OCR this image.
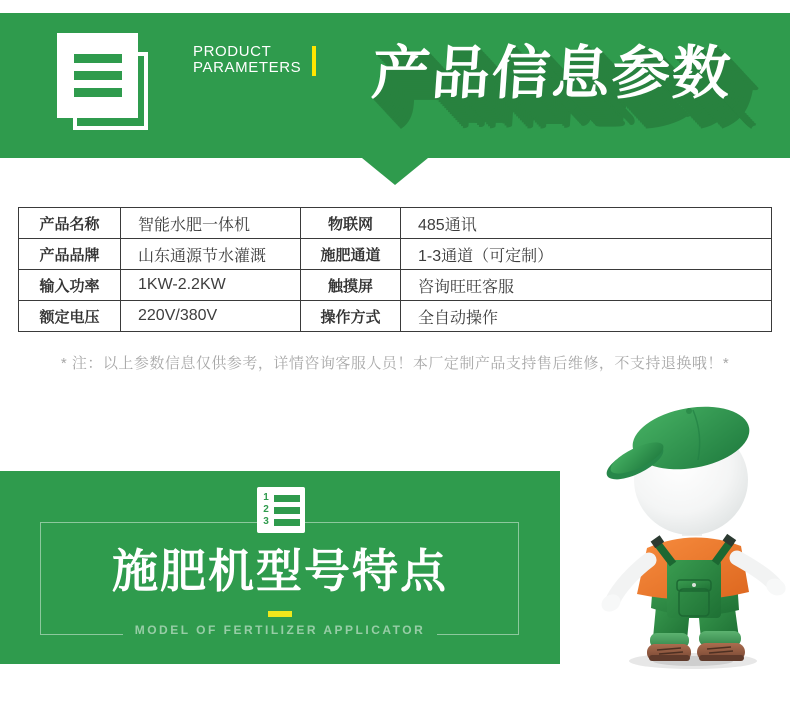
PRODUCT
PARAMETERS 产品信息参数
产品名称	智能水肥一体机	物联网	485通讯
产品品牌	山东通源节水灌溉	施肥通道	1-3通道（可定制）
输入功率	1KW-2.2KW	触摸屏	咨询旺旺客服
额定电压	220V/380V	操作方式	全自动操作

* 注：以上参数信息仅供参考，详情咨询客服人员！本厂定制产品支持售后维修，不支持退换哦！*

1
2
3
施肥机型号特点
MODEL OF FERTILIZER APPLICATOR
